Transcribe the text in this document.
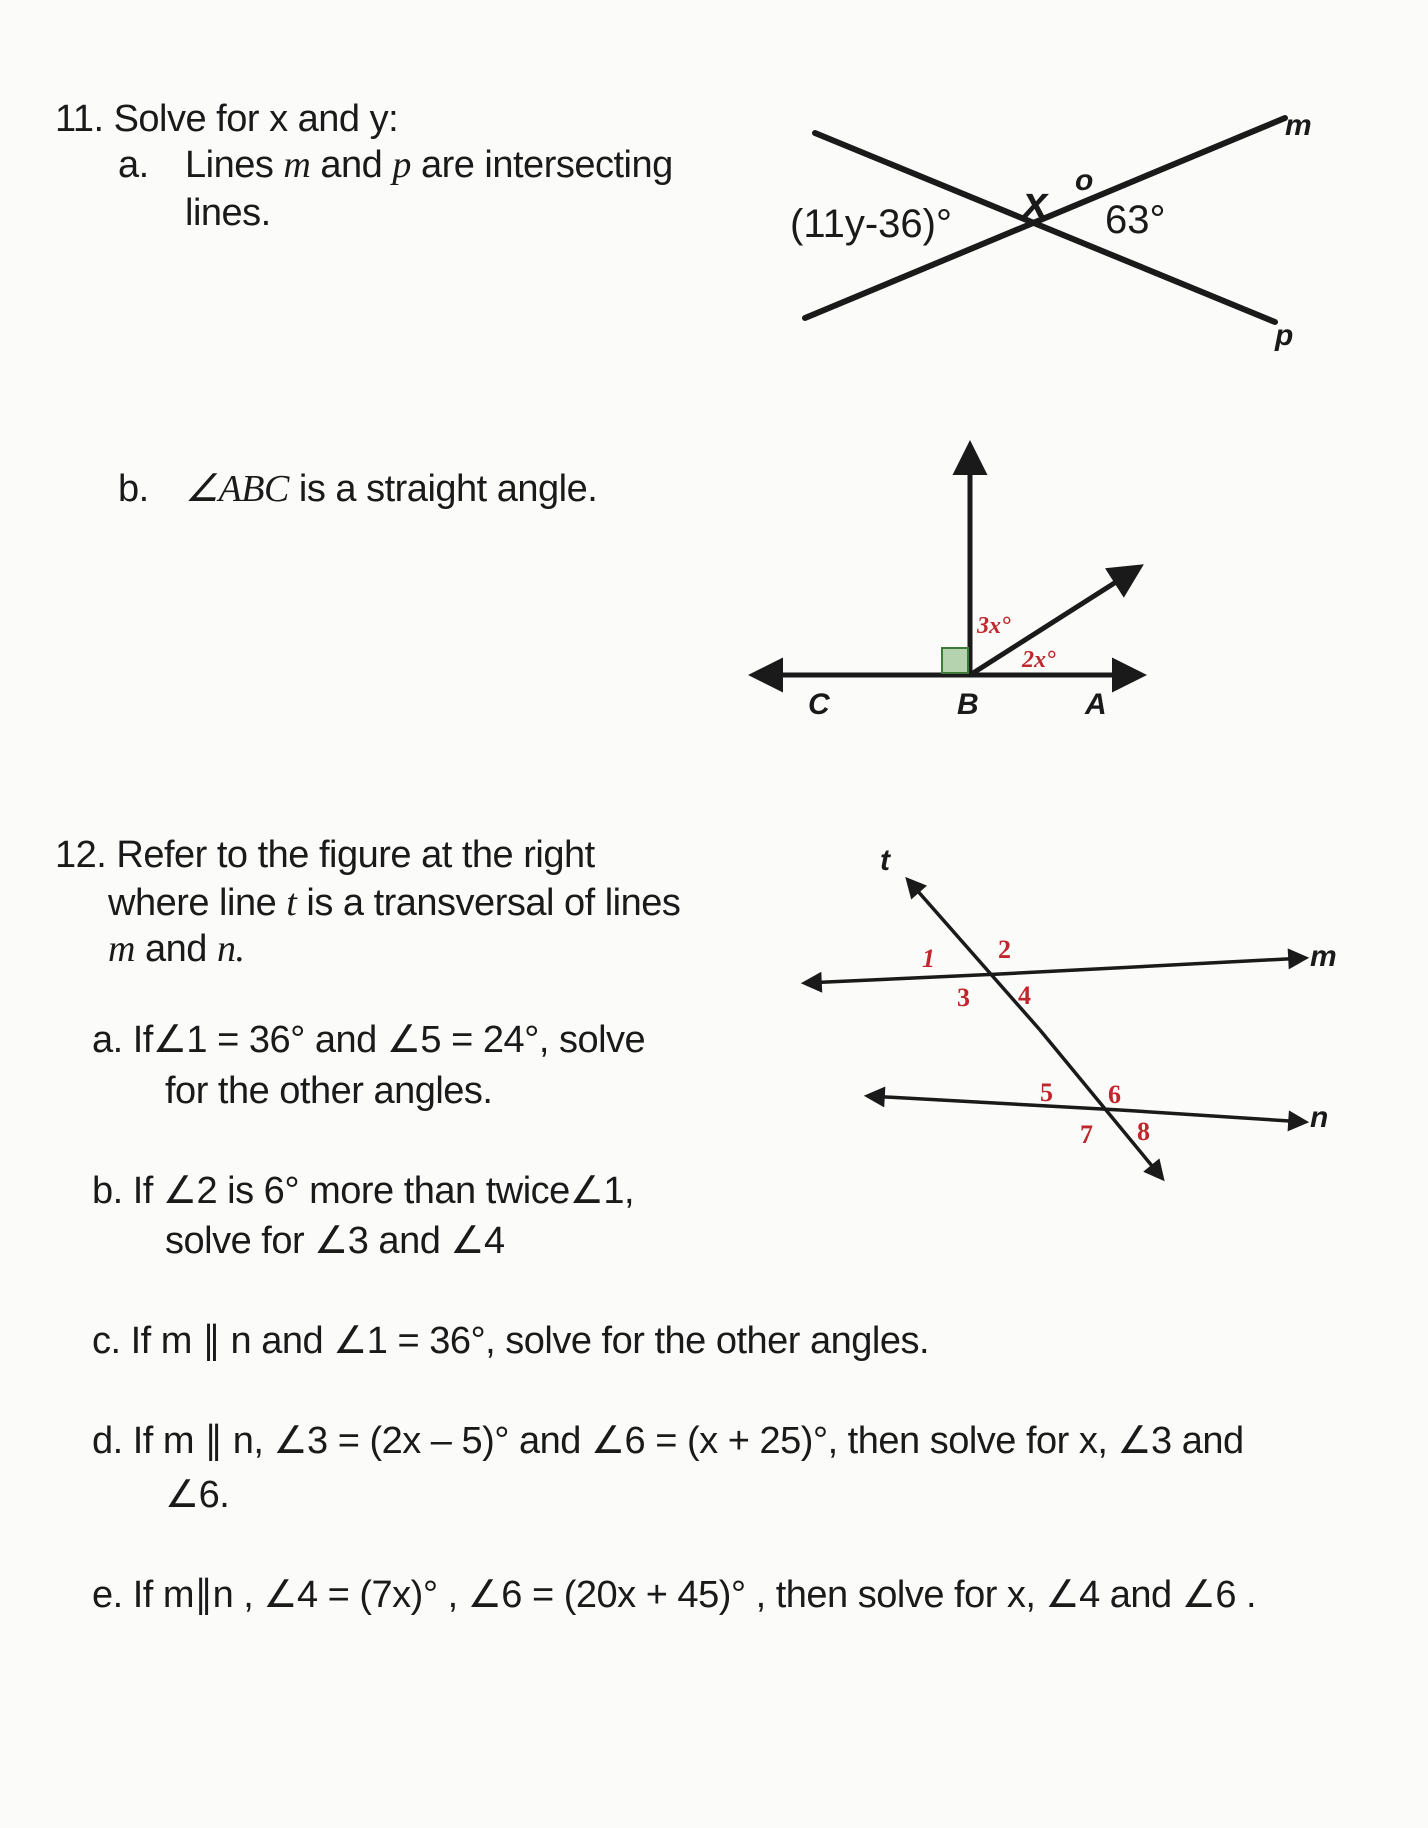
11. Solve for x and y:
a. Lines m and p are intersecting
lines.
b. ∠ABC is a straight angle.
12. Refer to the figure at the right
where line t is a transversal of lines
m and n.
a. If∠1 = 36° and ∠5 = 24°, solve
for the other angles.
b. If ∠2 is 6° more than twice∠1,
solve for ∠3 and ∠4
c. If m ∥ n and ∠1 = 36°, solve for the other angles.
d. If m ∥ n, ∠3 = (2x – 5)° and ∠6 = (x + 25)°, then solve for x, ∠3 and
∠6.
e. If m∥n , ∠4 = (7x)° , ∠6 = (20x + 45)° , then solve for x, ∠4 and ∠6 .
(11y-36)° x o
63°
m
p
3x°
2x°
C	B	A
t
m
n
1 2
3 4
5 6
7 8
